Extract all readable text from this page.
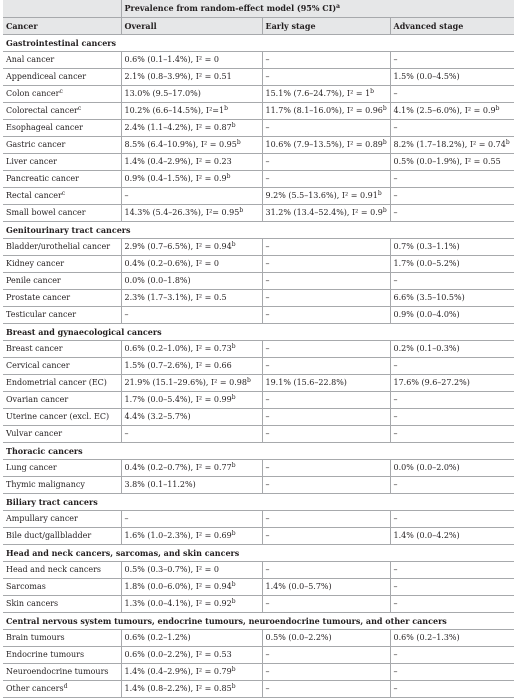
	Prevalence from random-effect model (95% CI)$^a$
Cancer	Overall	Early stage	Advanced stage
Gastrointestinal cancers			
Anal cancer	0.6% (0.1–1.4%), I² = 0	–	–
Appendiceal cancer	2.1% (0.8–3.9%), I² = 0.51	–	1.5% (0.0–4.5%)
Colon cancer$^c$	13.0% (9.5–17.0%)	15.1% (7.6–24.7%), $I^2 = 1^b$	–
Colorectal cancer$^c$	10.2% (6.6–14.5%), $I^2=1^b$	11.7% (8.1–16.0%), I² = 0.96$^b$	4.1% (2.5–6.0%), I² = 0.9$^b$
Esophageal cancer	2.4% (1.1–4.2%), I² = 0.87$^b$	–	–
Gastric cancer	8.5% (6.4–10.9%), I² = 0.95$^b$	10.6% (7.9–13.5%), I² = 0.89$^b$	8.2% (1.7–18.2%), I² = 0.74$^b$
Liver cancer	1.4% (0.4–2.9%), I² = 0.23	–	0.5% (0.0–1.9%), I² = 0.55
Pancreatic cancer	0.9% (0.4–1.5%), I² = 0.9$^b$	–	–
Rectal cancer$^c$	–	9.2% (5.5–13.6%), I² = 0.91$^b$	–
Small bowel cancer	14.3% (5.4–26.3%), I²= 0.95$^b$	31.2% (13.4–52.4%), I² = 0.9$^b$	–
Genitourinary tract cancers			
Bladder/urothelial cancer	2.9% (0.7–6.5%), I² = 0.94$^b$	–	0.7% (0.3–1.1%)
Kidney cancer	0.4% (0.2–0.6%), I² = 0	–	1.7% (0.0–5.2%)
Penile cancer	0.0% (0.0–1.8%)	–	–
Prostate cancer	2.3% (1.7–3.1%), I² = 0.5	–	6.6% (3.5–10.5%)
Testicular cancer	–	–	0.9% (0.0–4.0%)
Breast and gynaecological cancers			
Breast cancer	0.6% (0.2–1.0%), I² = 0.73$^b$	–	0.2% (0.1–0.3%)
Cervical cancer	1.5% (0.7–2.6%), I² = 0.66	–	–
Endometrial cancer (EC)	21.9% (15.1–29.6%), I² = 0.98$^b$	19.1% (15.6–22.8%)	17.6% (9.6–27.2%)
Ovarian cancer	1.7% (0.0–5.4%), I² = 0.99$^b$	–	–
Uterine cancer (excl. EC)	4.4% (3.2–5.7%)	–	–
Vulvar cancer	–	–	–
Thoracic cancers			
Lung cancer	0.4% (0.2–0.7%), I² = 0.77$^b$	–	0.0% (0.0–2.0%)
Thymic malignancy	3.8% (0.1–11.2%)	–	–
Biliary tract cancers			
Ampullary cancer	–	–	–
Bile duct/gallbladder	1.6% (1.0–2.3%), I² = 0.69$^b$	–	1.4% (0.0–4.2%)
Head and neck cancers, sarcomas, and skin cancers			
Head and neck cancers	0.5% (0.3–0.7%), I² = 0	–	–
Sarcomas	1.8% (0.0–6.0%), I² = 0.94$^b$	1.4% (0.0–5.7%)	–
Skin cancers	1.3% (0.0–4.1%), I² = 0.92$^b$	–	–
Central nervous system tumours, endocrine tumours, neuroendocrine tumours, and other cancers			
Brain tumours	0.6% (0.2–1.2%)	0.5% (0.0–2.2%)	0.6% (0.2–1.3%)
Endocrine tumours	0.6% (0.0–2.2%), I² = 0.53	–	–
Neuroendocrine tumours	1.4% (0.4–2.9%), I² = 0.79$^b$	–	–
Other cancers$^d$	1.4% (0.8–2.2%), I² = 0.85$^b$	–	–
